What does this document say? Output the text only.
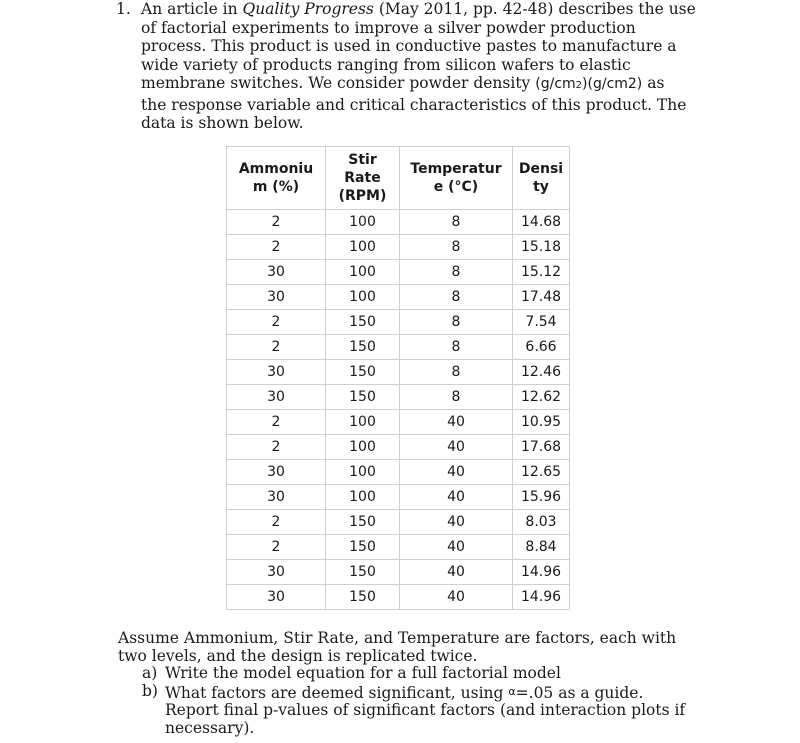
1. An article in Quality Progress (May 2011, pp. 42-48) describes the use
of factorial experiments to improve a silver powder production
process. This product is used in conductive pastes to manufacture a
wide variety of products ranging from silicon wafers to elastic
membrane switches. We consider powder density (g/cm2)(g/cm2) as
the response variable and critical characteristics of this product. The
data is shown below.
Ammoniu
m (%)	Stir
Rate
(RPM)	Temperatur
e (°C)	Densi
ty
2	100	8	14.68
2	100	8	15.18
30	100	8	15.12
30	100	8	17.48
2	150	8	7.54
2	150	8	6.66
30	150	8	12.46
30	150	8	12.62
2	100	40	10.95
2	100	40	17.68
30	100	40	12.65
30	100	40	15.96
2	150	40	8.03
2	150	40	8.84
30	150	40	14.96
30	150	40	14.96
Assume Ammonium, Stir Rate, and Temperature are factors, each with
two levels, and the design is replicated twice.
a) Write the model equation for a full factorial model
b) What factors are deemed significant, using α=.05 as a guide.
Report final p-values of significant factors (and interaction plots if
necessary).
